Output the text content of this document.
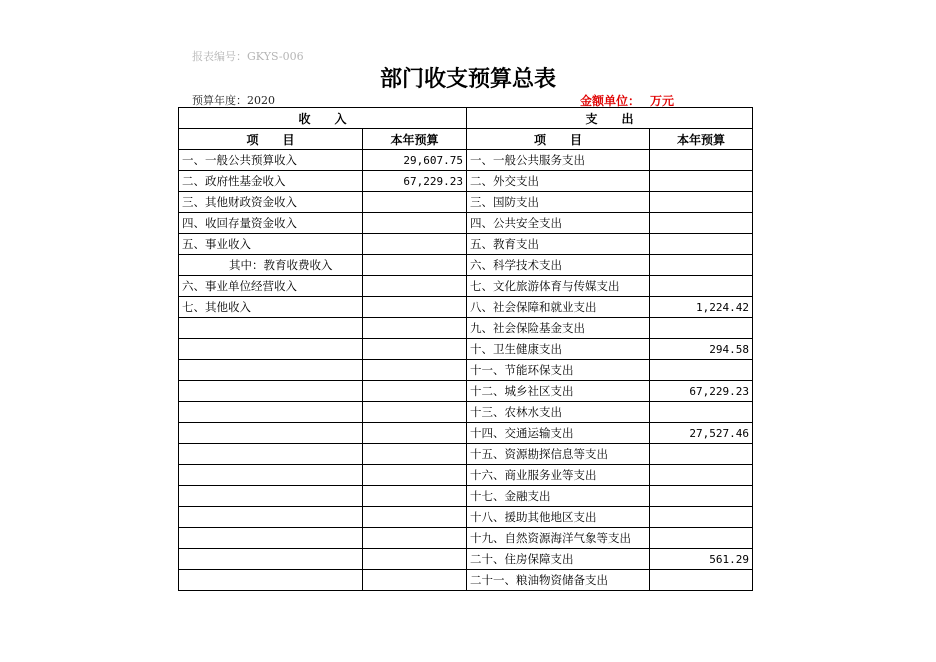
报表编号：GKYS-006
部门收支预算总表
预算年度：2020	金额单位： 万元
收　　入		支　　出	
项　　目	本年预算	项　　目	本年预算
一、一般公共预算收入	29,607.75	一、一般公共服务支出	
二、政府性基金收入	67,229.23	二、外交支出	
三、其他财政资金收入		三、国防支出	
四、收回存量资金收入		四、公共安全支出	
五、事业收入		五、教育支出	
其中：教育收费收入		六、科学技术支出	
六、事业单位经营收入		七、文化旅游体育与传媒支出	
七、其他收入		八、社会保障和就业支出	1,224.42
		九、社会保险基金支出	
		十、卫生健康支出	294.58
		十一、节能环保支出	
		十二、城乡社区支出	67,229.23
		十三、农林水支出	
		十四、交通运输支出	27,527.46
		十五、资源勘探信息等支出	
		十六、商业服务业等支出	
		十七、金融支出	
		十八、援助其他地区支出	
		十九、自然资源海洋气象等支出	
		二十、住房保障支出	561.29
		二十一、粮油物资储备支出	
